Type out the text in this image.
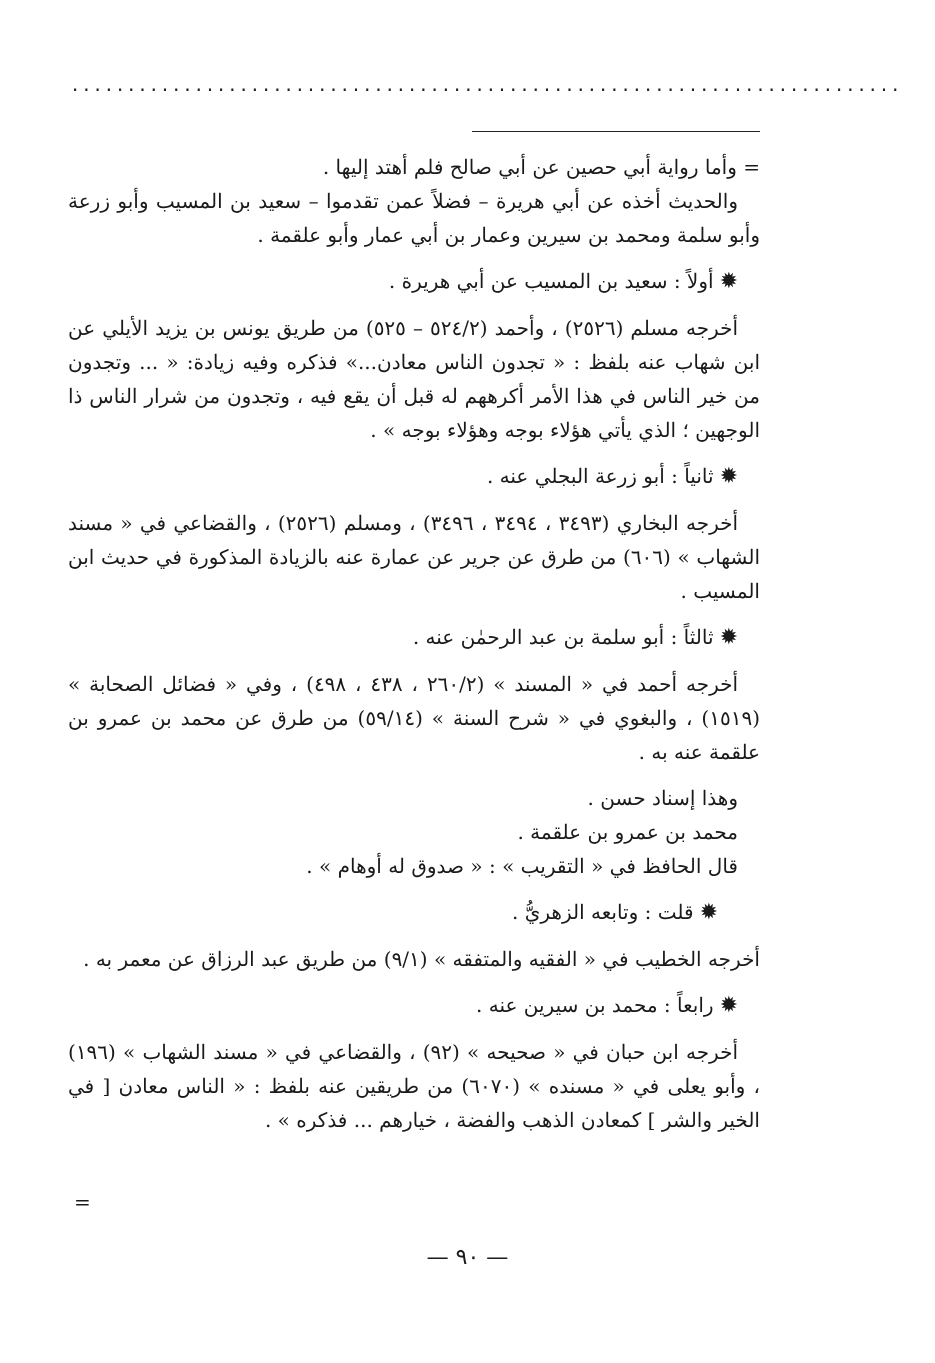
..........................................................................

= وأما رواية أبي حصين عن أبي صالح فلم أهتد إليها .

والحديث أخذه عن أبي هريرة – فضلاً عمن تقدموا – سعيد بن المسيب وأبو زرعة وأبو سلمة ومحمد بن سيرين وعمار بن أبي عمار وأبو علقمة .

✹أولاً : سعيد بن المسيب عن أبي هريرة .

أخرجه مسلم (٢٥٢٦) ، وأحمد (٥٢٤/٢ – ٥٢٥) من طريق يونس بن يزيد الأيلي عن ابن شهاب عنه بلفظ : « تجدون الناس معادن...» فذكره وفيه زيادة: « ... وتجدون من خير الناس في هذا الأمر أكرههم له قبل أن يقع فيه ، وتجدون من شرار الناس ذا الوجهين ؛ الذي يأتي هؤلاء بوجه وهؤلاء بوجه » .

✹ثانياً : أبو زرعة البجلي عنه .

أخرجه البخاري (٣٤٩٣ ، ٣٤٩٤ ، ٣٤٩٦) ، ومسلم (٢٥٢٦) ، والقضاعي في « مسند الشهاب » (٦٠٦) من طرق عن جرير عن عمارة عنه بالزيادة المذكورة في حديث ابن المسيب .

✹ثالثاً : أبو سلمة بن عبد الرحمٰن عنه .

أخرجه أحمد في « المسند » (٢٦٠/٢ ، ٤٣٨ ، ٤٩٨) ، وفي « فضائل الصحابة » (١٥١٩) ، والبغوي في « شرح السنة » (٥٩/١٤) من طرق عن محمد بن عمرو بن علقمة عنه به .

وهذا إسناد حسن .

محمد بن عمرو بن علقمة .

قال الحافظ في « التقريب » : « صدوق له أوهام » .

✹قلت : وتابعه الزهريُّ .

أخرجه الخطيب في « الفقيه والمتفقه » (٩/١) من طريق عبد الرزاق عن معمر به .

✹رابعاً : محمد بن سيرين عنه .

أخرجه ابن حبان في « صحيحه » (٩٢) ، والقضاعي في « مسند الشهاب » (١٩٦) ، وأبو يعلى في « مسنده » (٦٠٧٠) من طريقين عنه بلفظ : « الناس معادن [ في الخير والشر ] كمعادن الذهب والفضة ، خيارهم ... فذكره » .

=
— ٩٠ —
